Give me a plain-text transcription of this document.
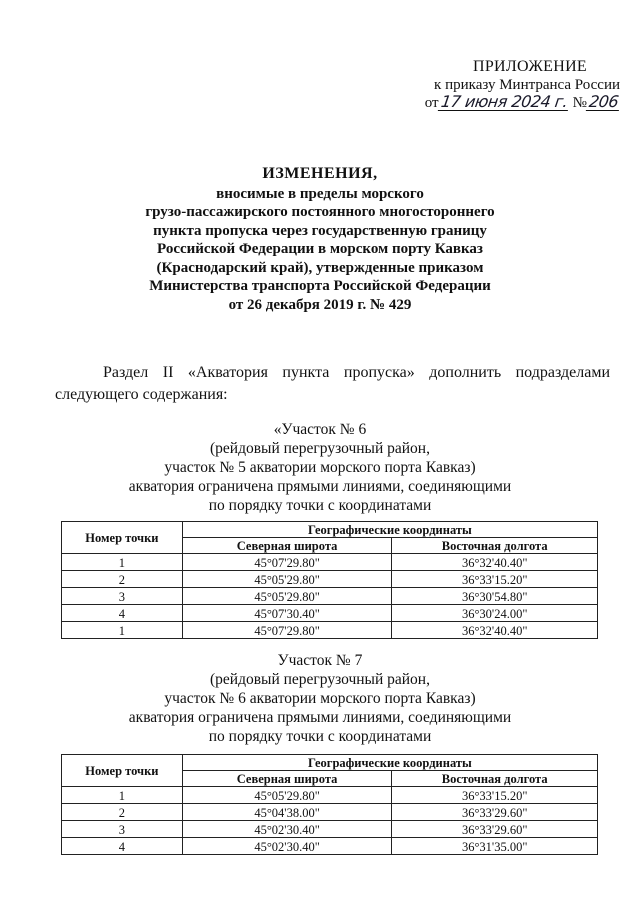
ПРИЛОЖЕНИЕ
к приказу Минтранса России
от17 июня 2024 г. №206
ИЗМЕНЕНИЯ,
вносимые в пределы морского
грузо-пассажирского постоянного многостороннего
пункта пропуска через государственную границу
Российской Федерации в морском порту Кавказ
(Краснодарский край), утвержденные приказом
Министерства транспорта Российской Федерации
от 26 декабря 2019 г. № 429
Раздел II «Акватория пункта пропуска» дополнить подразделами следующего содержания:
«Участок № 6
(рейдовый перегрузочный район,
участок № 5 акватории морского порта Кавказ)
акватория ограничена прямыми линиями, соединяющими
по порядку точки с координатами
Номер точки	Географические координаты	
	Северная широта	Восточная долгота
1	45°07'29.80"	36°32'40.40"
2	45°05'29.80"	36°33'15.20"
3	45°05'29.80"	36°30'54.80"
4	45°07'30.40"	36°30'24.00"
1	45°07'29.80"	36°32'40.40"
Участок № 7
(рейдовый перегрузочный район,
участок № 6 акватории морского порта Кавказ)
акватория ограничена прямыми линиями, соединяющими
по порядку точки с координатами
Номер точки	Географические координаты	
	Северная широта	Восточная долгота
1	45°05'29.80"	36°33'15.20"
2	45°04'38.00"	36°33'29.60"
3	45°02'30.40"	36°33'29.60"
4	45°02'30.40"	36°31'35.00"
